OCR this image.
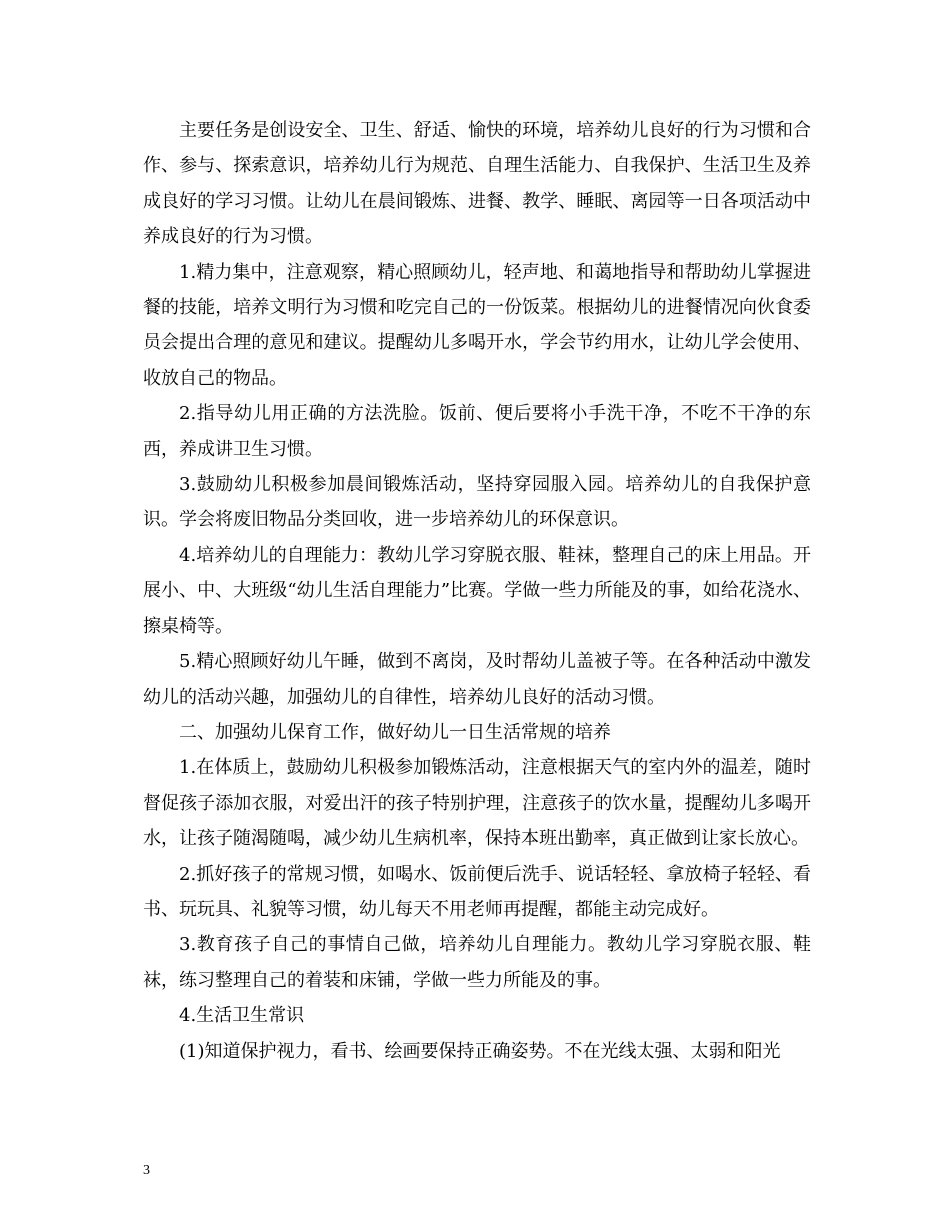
主要任务是创设安全、卫生、舒适、愉快的环境，培养幼儿良好的行为习惯和合作、参与、探索意识，培养幼儿行为规范、自理生活能力、自我保护、生活卫生及养成良好的学习习惯。让幼儿在晨间锻炼、进餐、教学、睡眠、离园等一日各项活动中养成良好的行为习惯。

1.精力集中，注意观察，精心照顾幼儿，轻声地、和蔼地指导和帮助幼儿掌握进餐的技能，培养文明行为习惯和吃完自己的一份饭菜。根据幼儿的进餐情况向伙食委员会提出合理的意见和建议。提醒幼儿多喝开水，学会节约用水，让幼儿学会使用、收放自己的物品。

2.指导幼儿用正确的方法洗脸。饭前、便后要将小手洗干净，不吃不干净的东西，养成讲卫生习惯。

3.鼓励幼儿积极参加晨间锻炼活动，坚持穿园服入园。培养幼儿的自我保护意识。学会将废旧物品分类回收，进一步培养幼儿的环保意识。

4.培养幼儿的自理能力：教幼儿学习穿脱衣服、鞋袜，整理自己的床上用品。开展小、中、大班级“幼儿生活自理能力”比赛。学做一些力所能及的事，如给花浇水、擦桌椅等。

5.精心照顾好幼儿午睡，做到不离岗，及时帮幼儿盖被子等。在各种活动中激发幼儿的活动兴趣，加强幼儿的自律性，培养幼儿良好的活动习惯。

二、加强幼儿保育工作，做好幼儿一日生活常规的培养

1.在体质上，鼓励幼儿积极参加锻炼活动，注意根据天气的室内外的温差，随时督促孩子添加衣服，对爱出汗的孩子特别护理，注意孩子的饮水量，提醒幼儿多喝开水，让孩子随渴随喝，减少幼儿生病机率，保持本班出勤率，真正做到让家长放心。

2.抓好孩子的常规习惯，如喝水、饭前便后洗手、说话轻轻、拿放椅子轻轻、看书、玩玩具、礼貌等习惯，幼儿每天不用老师再提醒，都能主动完成好。

3.教育孩子自己的事情自己做，培养幼儿自理能力。教幼儿学习穿脱衣服、鞋袜，练习整理自己的着装和床铺，学做一些力所能及的事。

4.生活卫生常识

(1)知道保护视力，看书、绘画要保持正确姿势。不在光线太强、太弱和阳光

3
